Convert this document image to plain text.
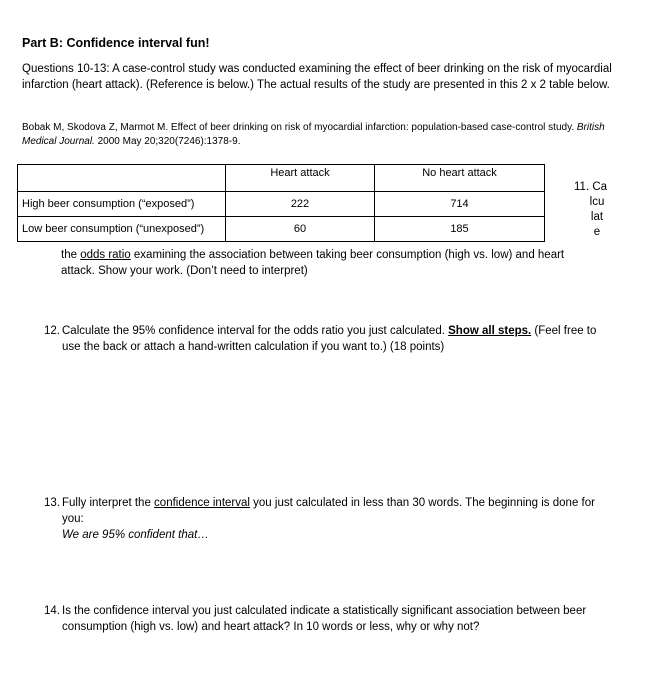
Part B: Confidence interval fun!
Questions 10-13: A case-control study was conducted examining the effect of beer drinking on the risk of myocardial infarction (heart attack). (Reference is below.) The actual results of the study are presented in this 2 x 2 table below.
Bobak M, Skodova Z, Marmot M. Effect of beer drinking on risk of myocardial infarction: population-based case-control study. British Medical Journal. 2000 May 20;320(7246):1378-9.
	Heart attack	No heart attack
High beer consumption (“exposed”)	222	714
Low beer consumption (“unexposed”)	60	185
11. Ca
lcu
lat
e
the odds ratio examining the association between taking beer consumption (high vs. low) and heart attack. Show your work. (Don’t need to interpret)
12. Calculate the 95% confidence interval for the odds ratio you just calculated. Show all steps. (Feel free to use the back or attach a hand-written calculation if you want to.) (18 points)
13. Fully interpret the confidence interval you just calculated in less than 30 words. The beginning is done for you:
We are 95% confident that…
14. Is the confidence interval you just calculated indicate a statistically significant association between beer consumption (high vs. low) and heart attack? In 10 words or less, why or why not?
